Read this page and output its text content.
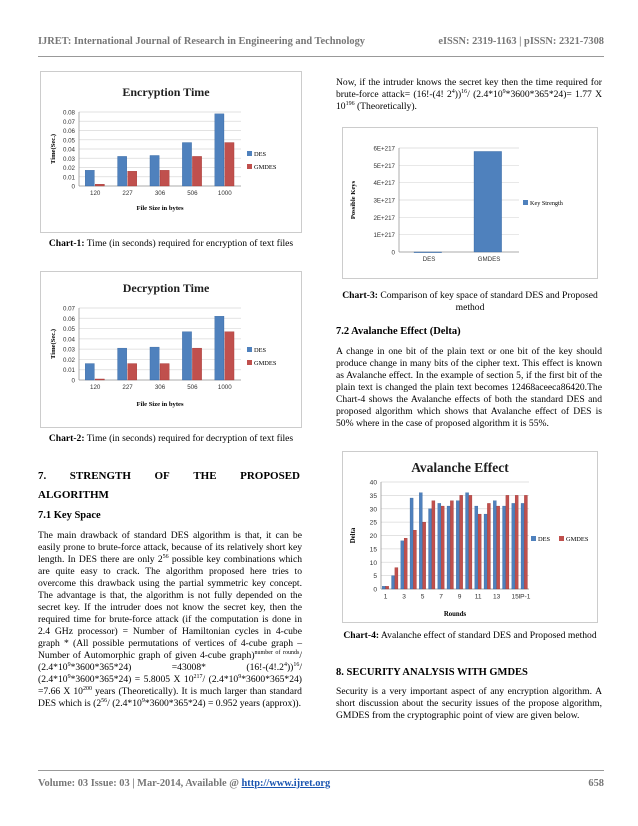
IJRET: International Journal of Research in Engineering and Technology	eISSN: 2319-1163 | pISSN: 2321-7308
Encryption Time
0
0.01
0.02
0.03
0.04
0.05
0.06
0.07
0.08
120	227	306	506	1000
File Size in bytes
Time(Sec.)	DES
GMDES
Chart-1: Time (in seconds) required for encryption of text files
Decryption Time
0
0.01
0.02
0.03
0.04
0.05
0.06
0.07
120	227	306	506	1000
File Size in bytes
Time(Sec.)	DES
GMDES
Chart-2: Time (in seconds) required for decryption of text files
7. STRENGTH OF THE PROPOSED
ALGORITHM
7.1 Key Space
The main drawback of standard DES algorithm is that, it can be easily prone to brute-force attack, because of its relatively short key length. In DES there are only $2^{56}$ possible key combinations which are quite easy to crack. The algorithm proposed here tries to overcome this drawback using the partial symmetric key concept. The advantage is that, the algorithm is not fully depended on the secret key. If the intruder does not know the secret key, then the required time for brute-force attack (if the computation is done in 2.4 GHz processor) = Number of Hamiltonian cycles in 4-cube graph * (All possible permutations of vertices of 4-cube graph – Number of Automorphic graph of given 4-cube graph)$^{number of rounds}$/ $(2.4*10^9*3600*365*24) =43008*$ $(16!-(4!.2^4))^{16}/$ $(2.4*10^9*3600*365*24) = 5.8005$ X $10^{217}/$ $(2.4*10^9*3600*365*24) =7.66$ X $10^{200}$ years (Theoretically). It is much larger than standard DES which is ($2^{56}/$ $(2.4*10^9*3600*365*24) = 0.952$ years (approx)).
Now, if the intruder knows the secret key then the time required for brute-force attack= (16!-(4! $2^4))^{16}/$ $(2.4*10^9*3600*365*24)= 1.77$ X $10^{196}$ (Theoretically).
0
1E+217
2E+217
3E+217
4E+217
5E+217
6E+217
DES	GMDES
Possible Keys	Key Strength
Chart-3: Comparison of key space of standard DES and Proposed method
7.2 Avalanche Effect (Delta)
A change in one bit of the plain text or one bit of the key should produce change in many bits of the cipher text. This effect is known as Avalanche effect. In the example of section 5, if the first bit of the plain text is changed the plain text becomes 12468aceeca86420.The Chart-4 shows the Avalanche effects of both the standard DES and proposed algorithm which shows that Avalanche effect of DES is 50% where in the case of proposed algorithm it is 55%.
Avalanche Effect
0
5
10
15
20
25
30
35
40
1 3 5 7 9 11 13 15 IP-1
Rounds
Delta	DES GMDES
Chart-4: Avalanche effect of standard DES and Proposed method
8. SECURITY ANALYSIS WITH GMDES
Security is a very important aspect of any encryption algorithm. A short discussion about the security issues of the propose algorithm, GMDES from the cryptographic point of view are given below.
Volume: 03 Issue: 03 | Mar-2014, Available @ http://www.ijret.org	658
